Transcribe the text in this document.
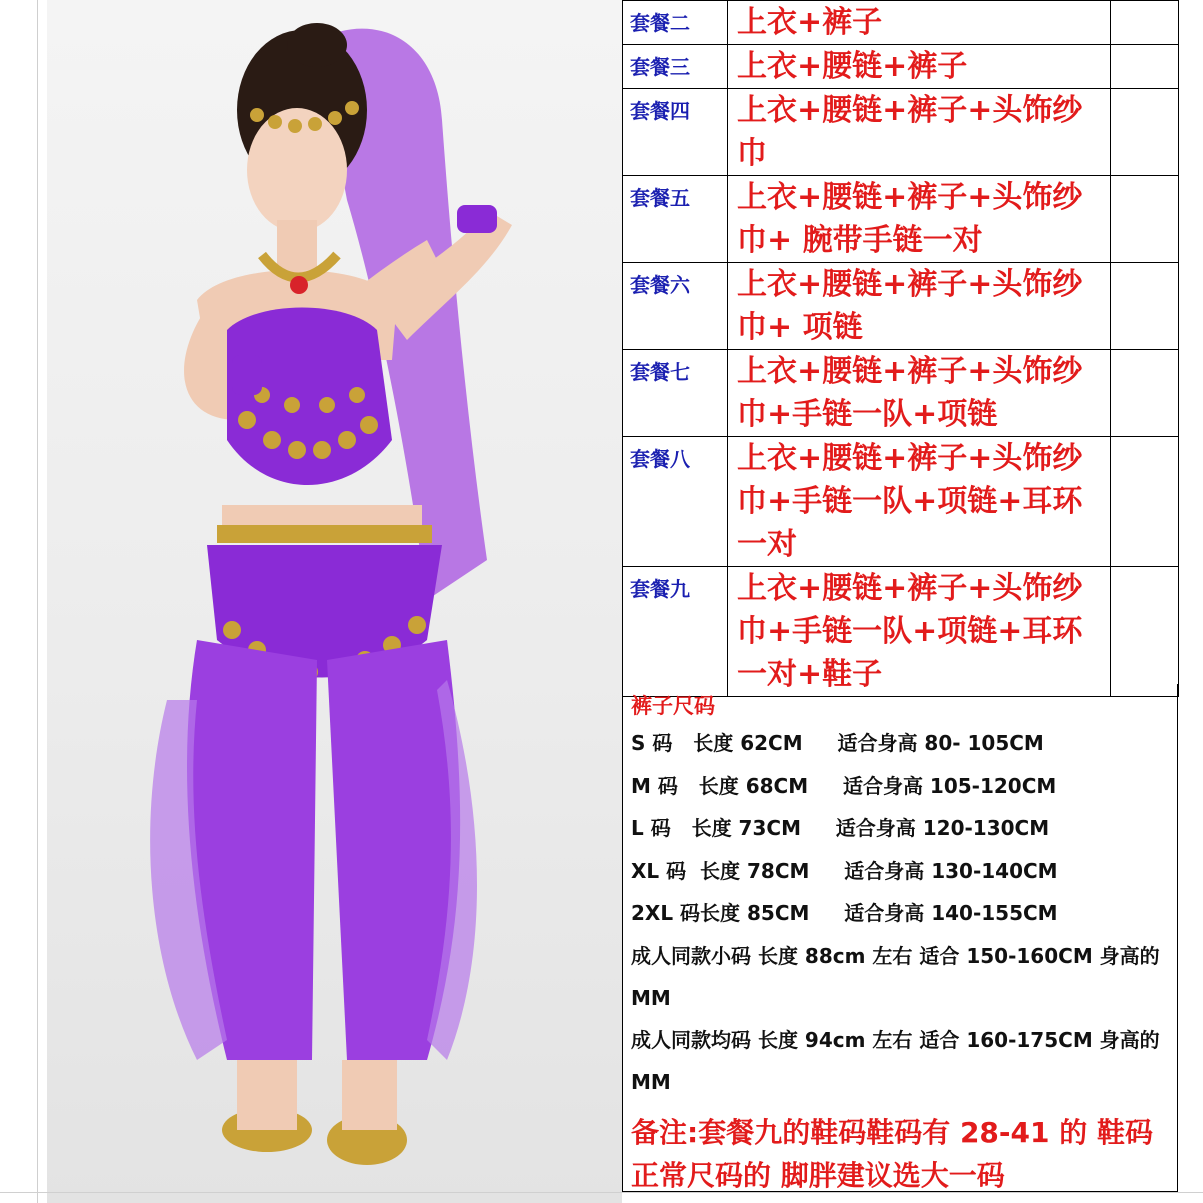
套餐二	上衣+裤子	
套餐三	上衣+腰链+裤子	
套餐四	上衣+腰链+裤子+头饰纱巾	
套餐五	上衣+腰链+裤子+头饰纱巾+ 腕带手链一对	
套餐六	上衣+腰链+裤子+头饰纱巾+ 项链	
套餐七	上衣+腰链+裤子+头饰纱巾+手链一队+项链	
套餐八	上衣+腰链+裤子+头饰纱巾+手链一队+项链+耳环一对	
套餐九	上衣+腰链+裤子+头饰纱巾+手链一队+项链+耳环一对+鞋子	
裤子尺码
S 码   长度 62CM     适合身高 80- 105CM
M 码   长度 68CM     适合身高 105-120CM
L 码   长度 73CM     适合身高 120-130CM
XL 码  长度 78CM     适合身高 130-140CM
2XL 码长度 85CM     适合身高 140-155CM
成人同款小码 长度 88cm 左右 适合 150-160CM 身高的 MM
成人同款均码 长度 94cm 左右 适合 160-175CM 身高的 MM
备注:套餐九的鞋码鞋码有 28-41 的 鞋码正常尺码的 脚胖建议选大一码
